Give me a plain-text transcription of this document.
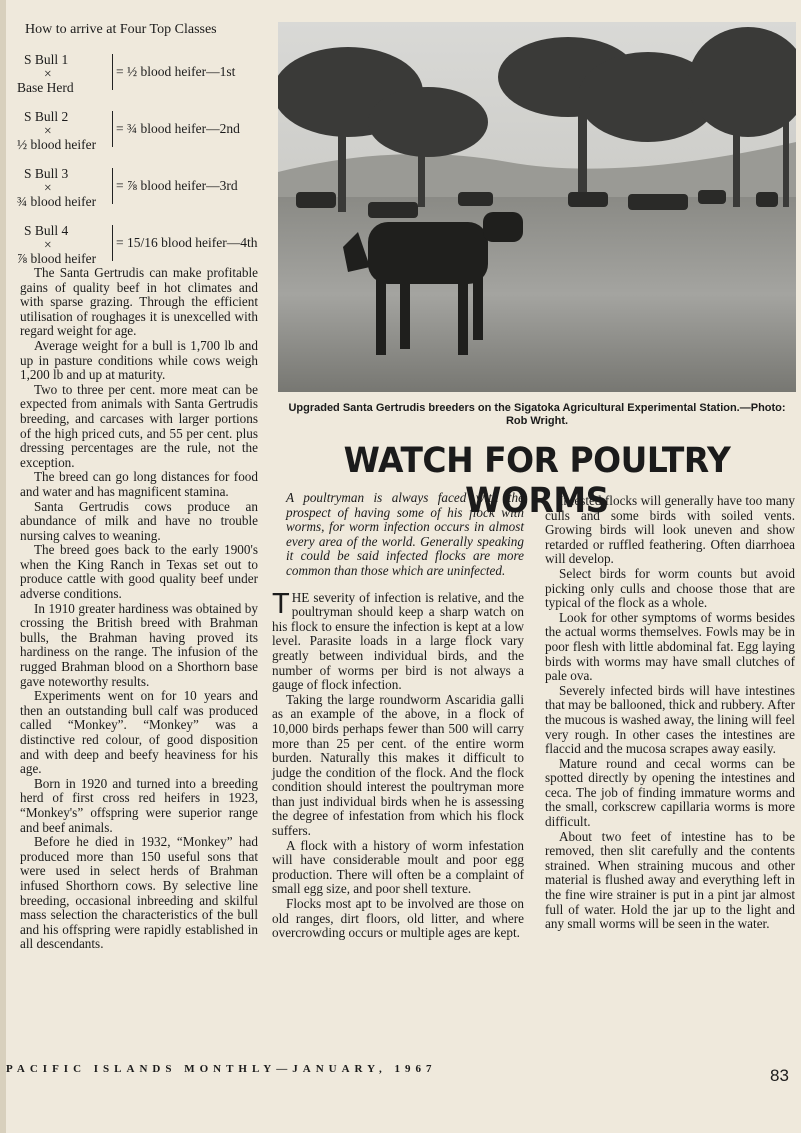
How to arrive at Four Top Classes
S Bull 1
×
Base Herd
= ½ blood heifer—1st
S Bull 2
×
½ blood heifer
= ¾ blood heifer—2nd
S Bull 3
×
¾ blood heifer
= ⅞ blood heifer—3rd
S Bull 4
×
⅞ blood heifer
= 15/16 blood heifer—4th

The Santa Gertrudis can make profitable gains of quality beef in hot climates and with sparse grazing. Through the efficient utilisation of roughages it is unexcelled with regard weight for age.

Average weight for a bull is 1,700 lb and up in pasture conditions while cows weigh 1,200 lb and up at maturity.

Two to three per cent. more meat can be expected from animals with Santa Gertrudis breeding, and carcases with larger portions of the high priced cuts, and 55 per cent. plus dressing percentages are the rule, not the exception.

The breed can go long distances for food and water and has magnificent stamina.

Santa Gertrudis cows produce an abundance of milk and have no trouble nursing calves to weaning.

The breed goes back to the early 1900's when the King Ranch in Texas set out to produce cattle with good quality beef under adverse conditions.

In 1910 greater hardiness was obtained by crossing the British breed with Brahman bulls, the Brahman having proved its hardiness on the range. The infusion of the rugged Brahman blood on a Shorthorn base gave noteworthy results.

Experiments went on for 10 years and then an outstanding bull calf was produced called “Monkey”. “Monkey” was a distinctive red colour, of good disposition and with deep and beefy heaviness for his age.

Born in 1920 and turned into a breeding herd of first cross red heifers in 1923, “Monkey's” offspring were superior range and beef animals.

Before he died in 1932, “Monkey” had produced more than 150 useful sons that were used in select herds of Brahman infused Shorthorn cows. By selective line breeding, occasional inbreeding and skilful mass selection the characteristics of the bull and his offspring were rapidly established in all descendants.

Upgraded Santa Gertrudis breeders on the Sigatoka Agricultural Experimental Station.—Photo: Rob Wright.
WATCH FOR POULTRY WORMS

A poultryman is always faced with the prospect of having some of his flock with worms, for worm infection occurs in almost every area of the world. Generally speaking it could be said infected flocks are more common than those which are uninfected.

THE severity of infection is relative, and the poultryman should keep a sharp watch on his flock to ensure the infection is kept at a low level. Parasite loads in a large flock vary greatly between individual birds, and the number of worms per bird is not always a gauge of flock infection.

Taking the large roundworm Ascaridia galli as an example of the above, in a flock of 10,000 birds perhaps fewer than 500 will carry more than 25 per cent. of the entire worm burden. Naturally this makes it difficult to judge the condition of the flock. And the flock condition should interest the poultryman more than just individual birds when he is assessing the degree of infestation from which his flock suffers.

A flock with a history of worm infestation will have considerable moult and poor egg production. There will often be a complaint of small egg size, and poor shell texture.

Flocks most apt to be involved are those on old ranges, dirt floors, old litter, and where overcrowding occurs or multiple ages are kept.

Infested flocks will generally have too many culls and some birds with soiled vents. Growing birds will look uneven and show retarded or ruffled feathering. Often diarrhoea will develop.

Select birds for worm counts but avoid picking only culls and choose those that are typical of the flock as a whole.

Look for other symptoms of worms besides the actual worms themselves. Fowls may be in poor flesh with little abdominal fat. Egg laying birds with worms may have small clutches of pale ova.

Severely infected birds will have intestines that may be ballooned, thick and rubbery. After the mucous is washed away, the lining will feel very rough. In other cases the intestines are flaccid and the mucosa scrapes away easily.

Mature round and cecal worms can be spotted directly by opening the intestines and ceca. The job of finding immature worms and the small, corkscrew capillaria worms is more difficult.

About two feet of intestine has to be removed, then slit carefully and the contents strained. When straining mucous and other material is flushed away and everything left in the fine wire strainer is put in a pint jar almost full of water. Hold the jar up to the light and any small worms will be seen in the water.

PACIFIC ISLANDS MONTHLY—JANUARY, 1967	83
